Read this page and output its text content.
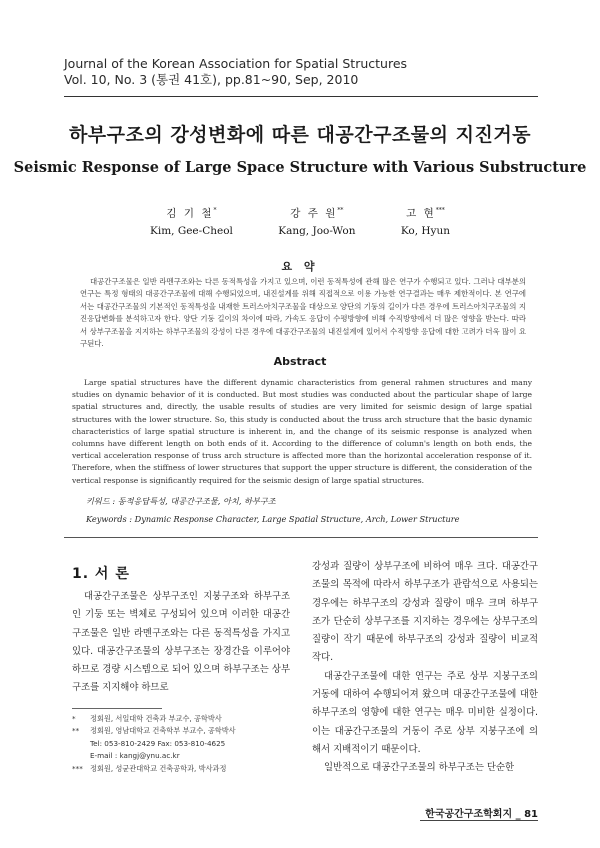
Journal of the Korean Association for Spatial Structures
Vol. 10, No. 3 (통권 41호), pp.81~90, Sep, 2010
하부구조의 강성변화에 따른 대공간구조물의 지진거동
Seismic Response of Large Space Structure with Various Substructure
김 기 철*
Kim, Gee-Cheol
강 주 원**
Kang, Joo-Won
고 현***
Ko, Hyun
요 약
대공간구조물은 일반 라멘구조와는 다른 동적특성을 가지고 있으며, 이런 동적특성에 관해 많은 연구가 수행되고 있다. 그러나 대부분의 연구는 특정 형태의 대공간구조물에 대해 수행되었으며, 내진설계를 위해 직접적으로 이용 가능한 연구결과는 매우 제한적이다. 본 연구에서는 대공간구조물의 기본적인 동적특성을 내재한 트러스아치구조물을 대상으로 양단의 기둥의 길이가 다른 경우에 트러스아치구조물의 지진응답변화를 분석하고자 한다. 양단 기둥 길이의 차이에 따라, 가속도 응답이 수평방향에 비해 수직방향에서 더 많은 영향을 받는다. 따라서 상부구조물을 지지하는 하부구조물의 강성이 다른 경우에 대공간구조물의 내진설계에 있어서 수직방향 응답에 대한 고려가 더욱 많이 요구된다.
Abstract
Large spatial structures have the different dynamic characteristics from general rahmen structures and many studies on dynamic behavior of it is conducted. But most studies was conducted about the particular shape of large spatial structures and, directly, the usable results of studies are very limited for seismic design of large spatial structures with the lower structure. So, this study is conducted about the truss arch structure that the basic dynamic characteristics of large spatial structure is inherent in, and the change of its seismic response is analyzed when columns have different length on both ends of it. According to the difference of column's length on both ends, the vertical acceleration response of truss arch structure is affected more than the horizontal acceleration response of it. Therefore, when the stiffness of lower structures that support the upper structure is different, the consideration of the vertical response is significantly required for the seismic design of large spatial structures.
키워드 : 동적응답특성, 대공간구조물, 아치, 하부구조
Keywords : Dynamic Response Character, Large Spatial Structure, Arch, Lower Structure
1. 서 론
대공간구조물은 상부구조인 지붕구조와 하부구조인 기둥 또는 벽체로 구성되어 있으며 이러한 대공간구조물은 일반 라멘구조와는 다른 동적특성을 가지고 있다. 대공간구조물의 상부구조는 장경간을 이루어야 하므로 경량 시스템으로 되어 있으며 하부구조는 상부구조를 지지해야 하므로

강성과 질량이 상부구조에 비하여 매우 크다. 대공간구조물의 목적에 따라서 하부구조가 관람석으로 사용되는 경우에는 하부구조의 강성과 질량이 매우 크며 하부구조가 단순히 상부구조를 지지하는 경우에는 상부구조의 질량이 작기 때문에 하부구조의 강성과 질량이 비교적 작다.

대공간구조물에 대한 연구는 주로 상부 지붕구조의 거동에 대하여 수행되어져 왔으며 대공간구조물에 대한 하부구조의 영향에 대한 연구는 매우 미비한 실정이다. 이는 대공간구조물의 거동이 주로 상부 지붕구조에 의해서 지배적이기 때문이다.

일반적으로 대공간구조물의 하부구조는 단순한

*	정회원, 서일대학 건축과 부교수, 공학박사
**	정회원, 영남대학교 건축학부 부교수, 공학박사
Tel: 053-810-2429 Fax: 053-810-4625
E-mail : kangj@ynu.ac.kr
***	정회원, 성균관대학교 건축공학과, 박사과정
한국공간구조학회지 _ 81
